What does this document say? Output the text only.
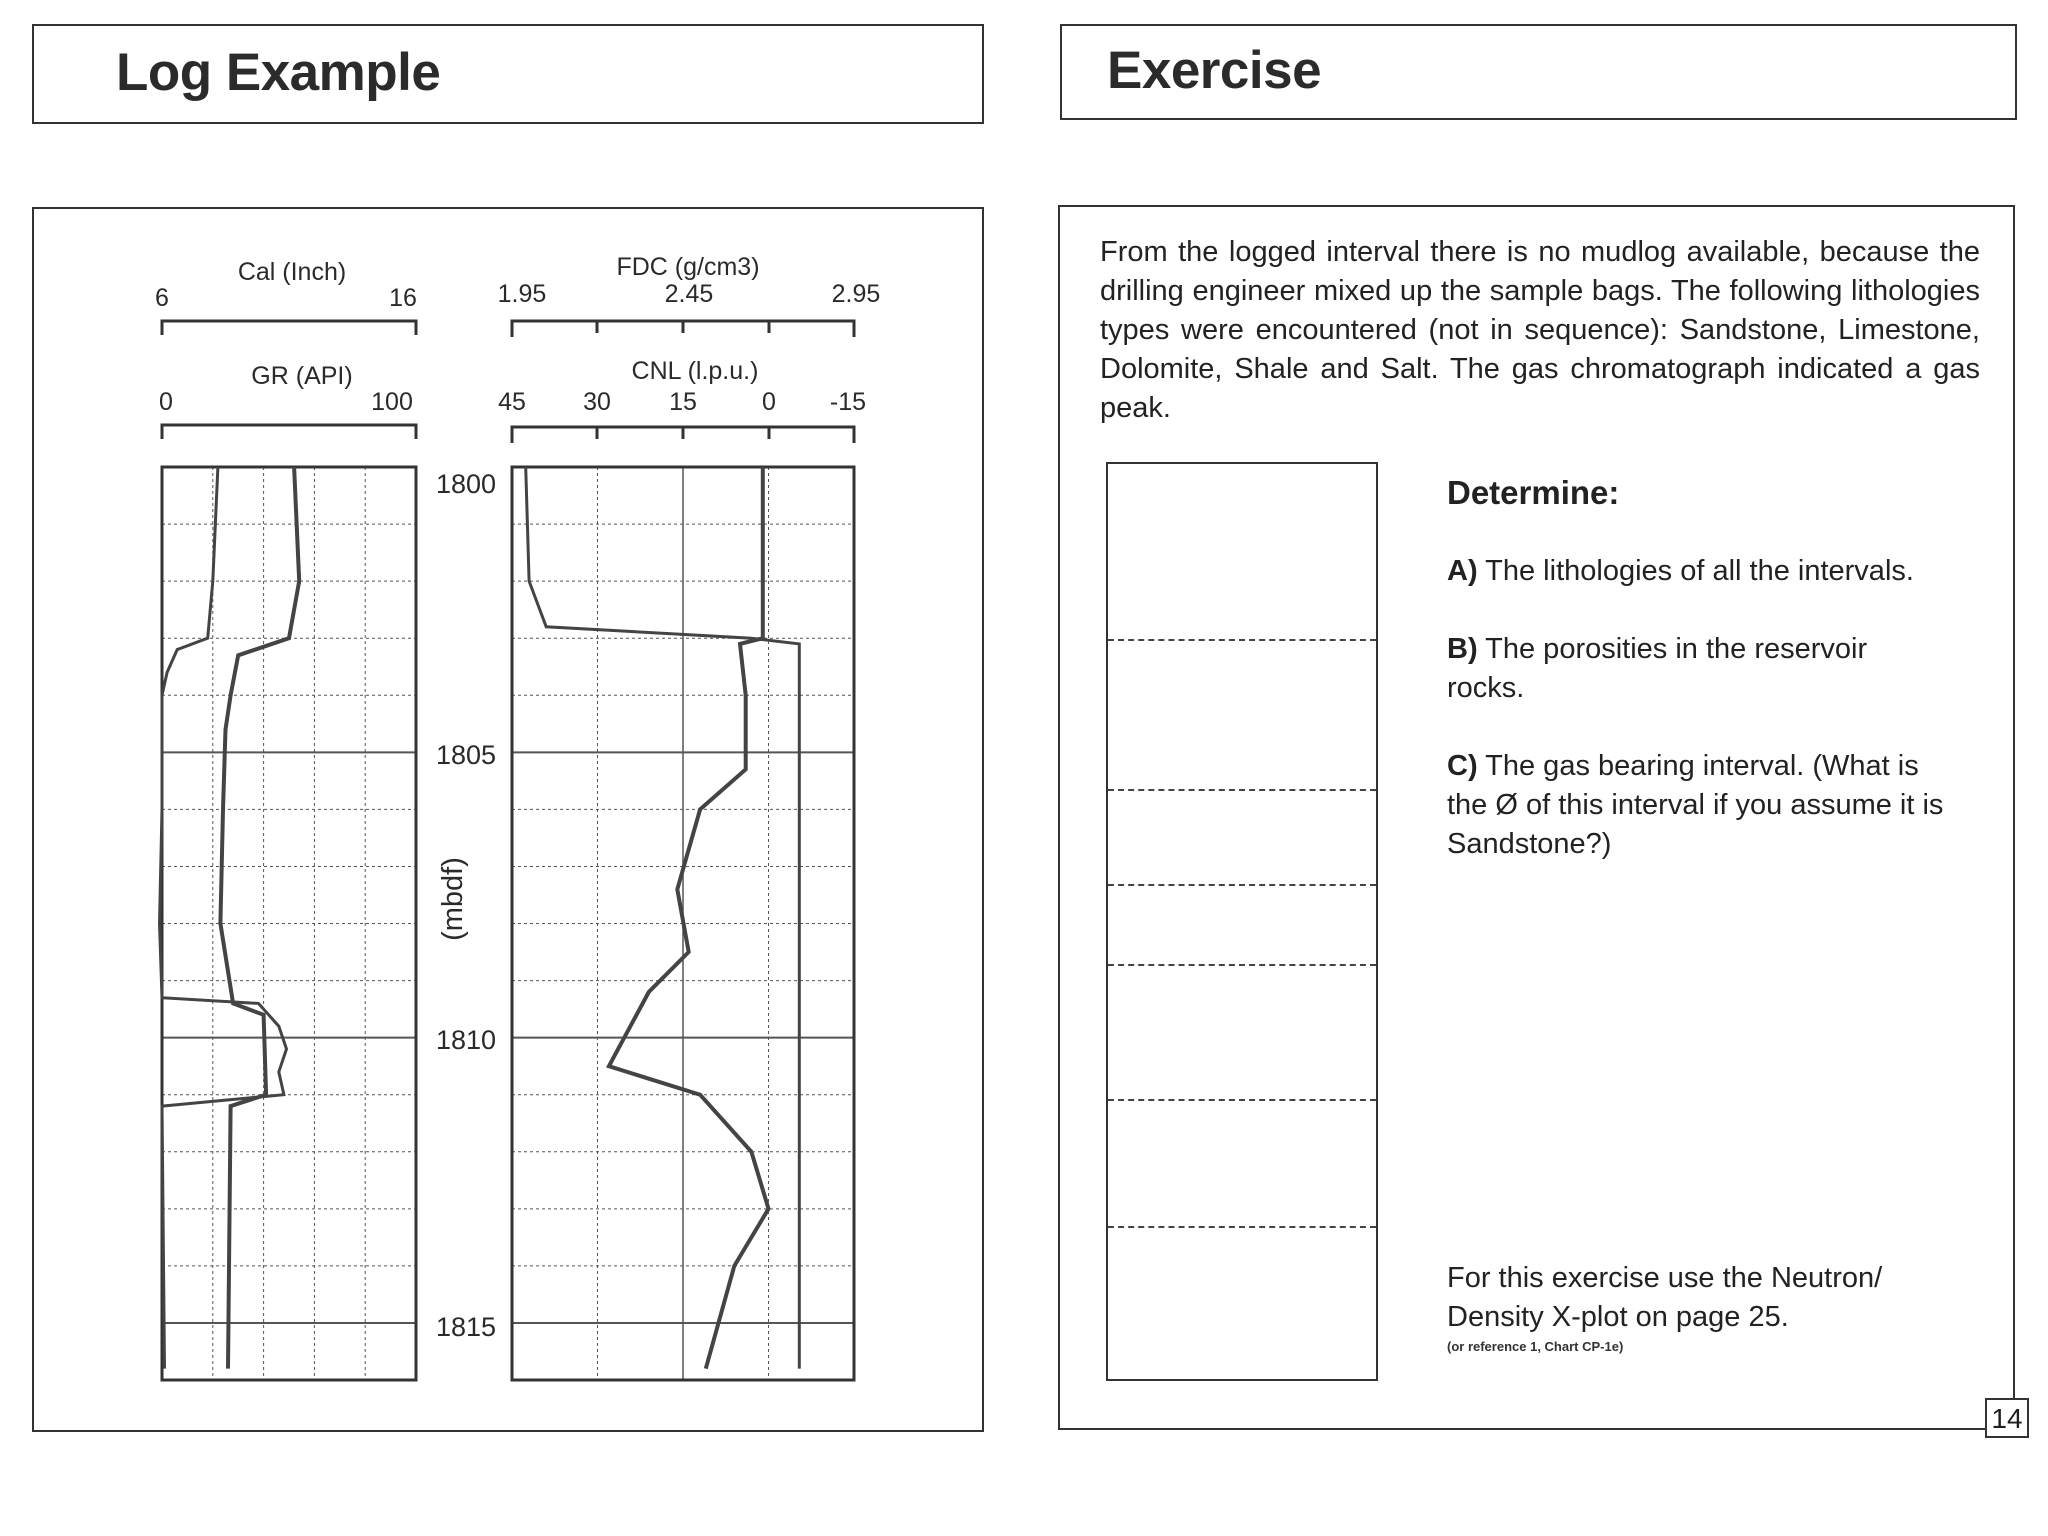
Log Example	Exercise
Cal (Inch)
6	16
GR (API)
0	100
FDC (g/cm3)
1.95	2.45	2.95
CNL (l.p.u.)
45 30 15	0 -15
1800
1805
1810
1815
(mbdf)
From the logged interval there is no mudlog available, because the drilling engineer mixed up the sample bags. The following lithologies types were encountered (not in sequence): Sandstone, Limestone, Dolomite, Shale and Salt. The gas chromatograph indicated a gas peak.
Determine:
A) The lithologies of all the intervals.
B) The porosities in the reservoir rocks.
C) The gas bearing interval. (What is the Ø of this interval if you assume it is Sandstone?)
For this exercise use the Neutron/ Density X-plot on page 25.
(or reference 1, Chart CP-1e)
14
